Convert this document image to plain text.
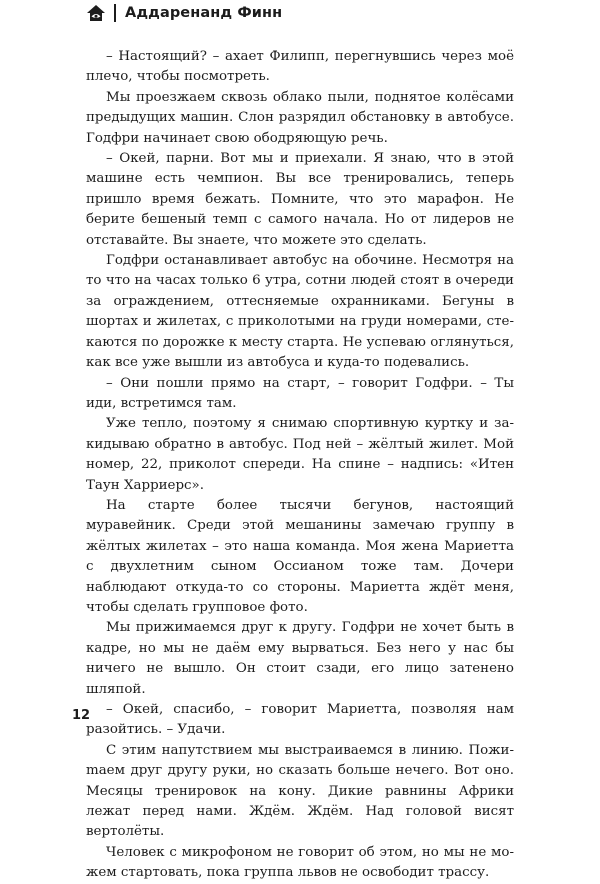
Аддаренанд Финн

– Настоящий? – ахает Филипп, перегнувшись через моё плечо, чтобы посмотреть.

Мы проезжаем сквозь облако пыли, поднятое колёсами предыдущих машин. Слон разрядил обстановку в автобусе. Годфри начинает свою ободряющую речь.

– Окей, парни. Вот мы и приехали. Я знаю, что в этой машине есть чемпион. Вы все тренировались, теперь пришло время бежать. Помните, что это марафон. Не берите бешeный темп с самого начала. Но от лидеров не отставайте. Вы знаете, что можете это сделать.

Годфри останавливает автобус на обочине. Несмотря на то что на часах только 6 утра, сотни людей стоят в очереди за ограждением, оттесняемые охранниками. Бегуны в шортах и жилетах, с приколотыми на груди номерами, стекаются по дорожке к месту старта. Не успеваю оглянуться, как все уже вышли из автобуса и куда-то подевались.

– Они пошли прямо на старт, – говорит Годфри. – Ты иди, встретимся там.

Уже тепло, поэтому я снимаю спортивную куртку и закидываю обратно в автобус. Под ней – жёлтый жилет. Мой номер, 22, приколот спереди. На спине – надпись: «Итен Таун Харриерс».

На старте более тысячи бегунов, настоящий муравейник. Среди этой мешанины замечаю группу в жёлтых жилетах – это наша команда. Моя жена Мариетта с двухлетним сыном Оссианом тоже там. Дочери наблюдают откуда-то со стороны. Мариетта ждёт меня, чтобы сделать групповое фото.

Мы прижимаемся друг к другу. Годфри не хочет быть в кадре, но мы не даём ему вырваться. Без него у нас бы ничего не вышло. Он стоит сзади, его лицо затенено шляпой.

– Окей, спасибо, – говорит Мариетта, позволяя нам разойтись. – Удачи.

С этим напутствием мы выстраиваемся в линию. Пожиmaем друг другу руки, но сказать больше нечего. Вот оно. Месяцы тренировок на кону. Дикие равнины Африки лежат перед нами. Ждём. Ждём. Над головой висят вертолёты.

Человек с микрофоном не говорит об этом, но мы не можем стартовать, пока группа львов не освободит трассу.

12
